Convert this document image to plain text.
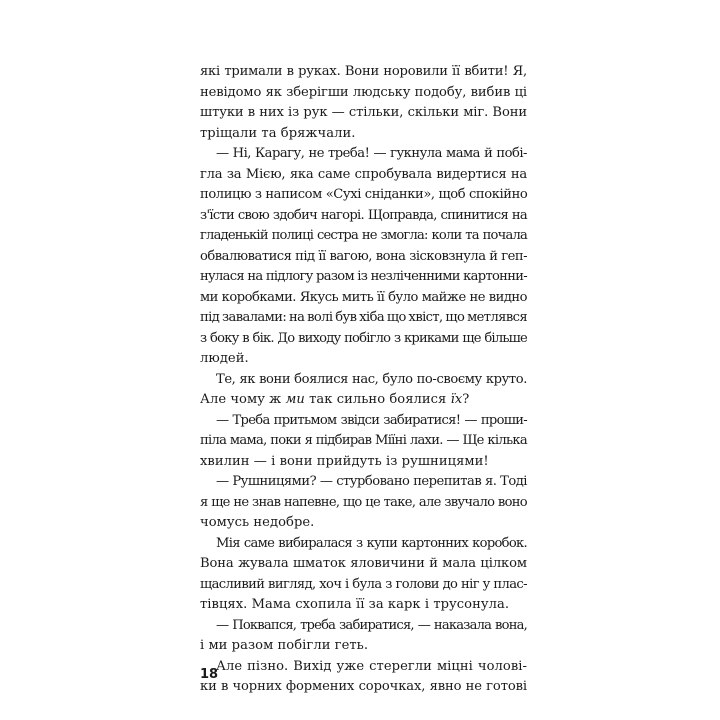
які тримали в руках. Вони норовили її вбити! Я,

невідомо як зберігши людську подобу, вибив ці

штуки в них із рук — стільки, скільки міг. Вони

тріщали та бряжчали.

— Ні, Карагу, не треба! — гукнула мама й побі-

гла за Мією, яка саме спробувала видертися на

полицю з написом «Сухі сніданки», щоб спокійно

з'їсти свою здобич нагорі. Щоправда, спинитися на

гладенькій полиці сестра не змогла: коли та почала

обвалюватися під її вагою, вона зісковзнула й геп-

нулася на підлогу разом із незліченними картонни-

ми коробками. Якусь мить її було майже не видно

під завалами: на волі був хіба що хвіст, що метлявся

з боку в бік. До виходу побігло з криками ще більше

людей.

Те, як вони боялися нас, було по-своєму круто.

Але чому ж ми так сильно боялися їх?

— Треба притьмом звідси забиратися! — проши-

піла мама, поки я підбирав Міїні лахи. — Ще кілька

хвилин — і вони прийдуть із рушницями!

— Рушницями? — стурбовано перепитав я. Тоді

я ще не знав напевне, що це таке, але звучало воно

чомусь недобре.

Мія саме вибиралася з купи картонних коробок.

Вона жувала шматок яловичини й мала цілком

щасливий вигляд, хоч і була з голови до ніг у плас-

тівцях. Мама схопила її за карк і трусонула.

— Поквапся, треба забиратися, — наказала вона,

і ми разом побігли геть.

Але пізно. Вихід уже стерегли міцні чолові-

ки в чорних формених сорочках, явно не готові

18
